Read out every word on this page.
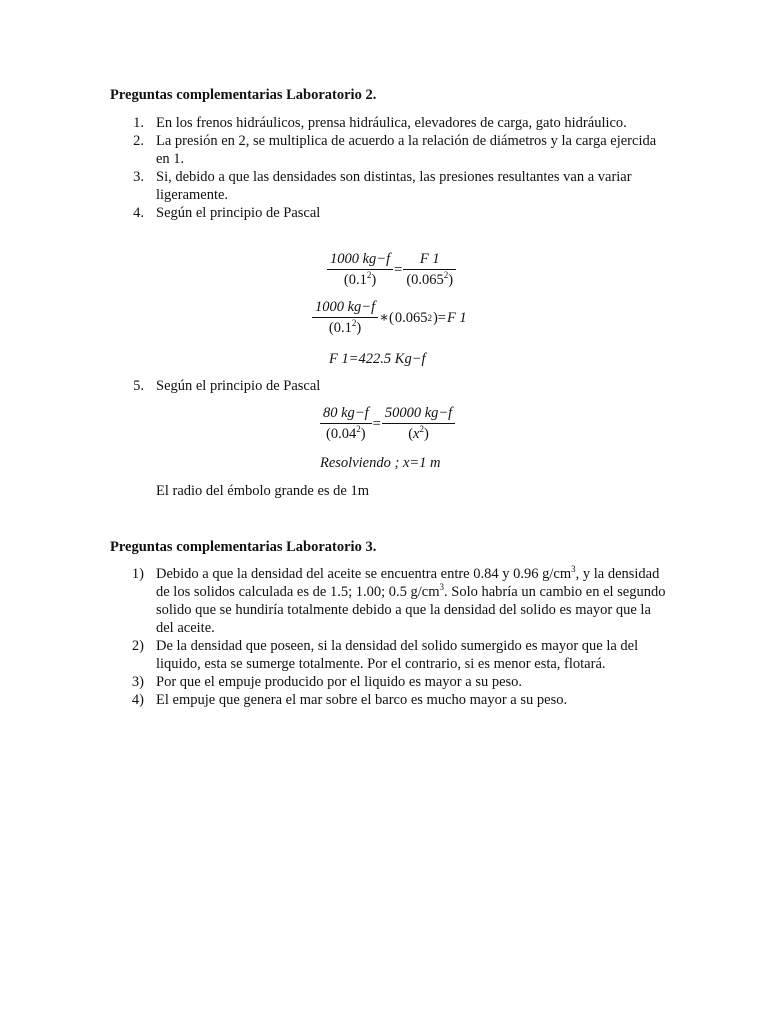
Preguntas complementarias Laboratorio 2.

1. En los frenos hidráulicos, prensa hidráulica, elevadores de carga, gato hidráulico.
2. La presión en 2, se multiplica de acuerdo a la relación de diámetros y la carga ejercida en 1.
3. Si, debido a que las densidades son distintas, las presiones resultantes van a variar ligeramente.
4. Según el principio de Pascal
$\frac{1000 kg-f}{(0.1^2)} = \frac{F 1}{(0.065^2)}$
$\frac{1000 kg-f}{(0.1^2)}$ ∗( 0.065 2 )= F 1
F 1=422.5 Kg−f
5. Según el principio de Pascal
$\frac{80 kg-f}{(0.04^2)} = \frac{50000 kg-f}{(x^2)}$
Resolviendo ; x=1 m

El radio del émbolo grande es de 1m

Preguntas complementarias Laboratorio 3.

1) Debido a que la densidad del aceite se encuentra entre 0.84 y 0.96 $g/cm^3$, y la densidad de los solidos calculada es de 1.5; 1.00; 0.5 $g/cm^3$. Solo habría un cambio en el segundo solido que se hundiría totalmente debido a que la densidad del solido es mayor que la del aceite.
2) De la densidad que poseen, si la densidad del solido sumergido es mayor que la del liquido, esta se sumerge totalmente. Por el contrario, si es menor esta, flotará.
3) Por que el empuje producido por el liquido es mayor a su peso.
4) El empuje que genera el mar sobre el barco es mucho mayor a su peso.
